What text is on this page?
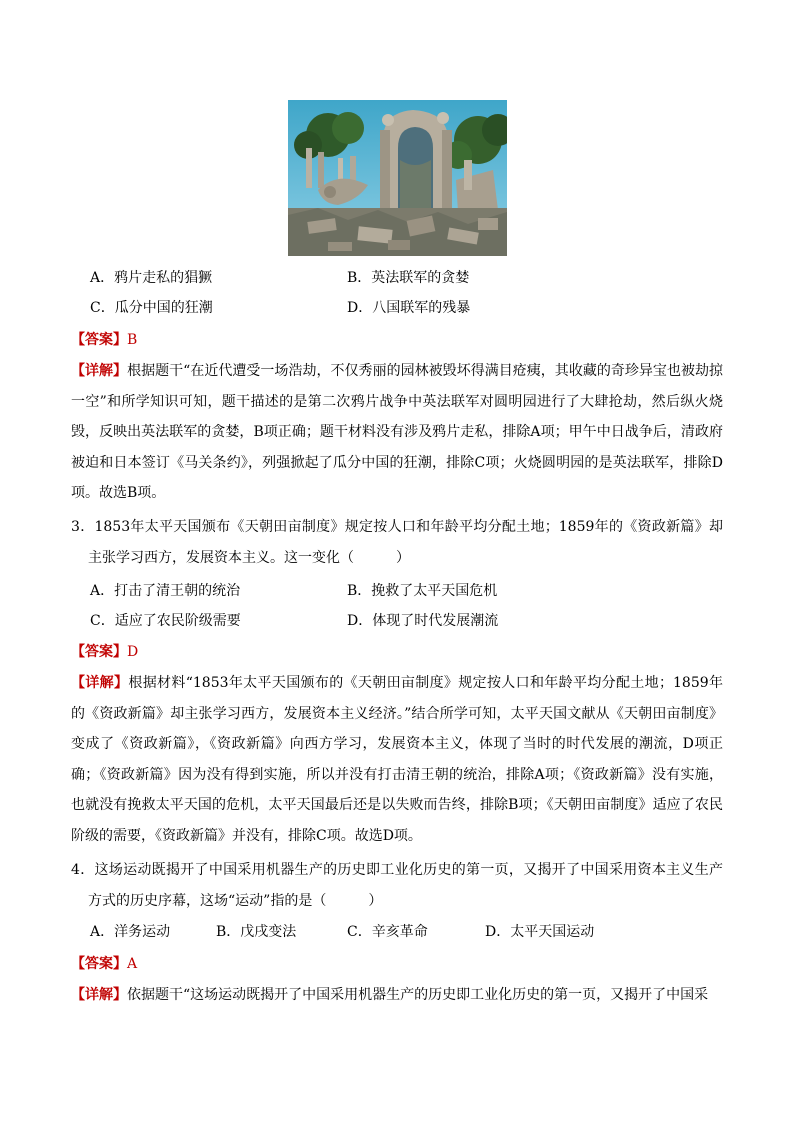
A．鸦片走私的猖獗	B．英法联军的贪婪
C．瓜分中国的狂潮	D．八国联军的残暴
【答案】B
【详解】根据题干“在近代遭受一场浩劫，不仅秀丽的园林被毁坏得满目疮痍，其收藏的奇珍异宝也被劫掠一空”和所学知识可知，题干描述的是第二次鸦片战争中英法联军对圆明园进行了大肆抢劫，然后纵火烧毁，反映出英法联军的贪婪，B项正确；题干材料没有涉及鸦片走私，排除A项；甲午中日战争后，清政府被迫和日本签订《马关条约》，列强掀起了瓜分中国的狂潮，排除C项；火烧圆明园的是英法联军，排除D项。故选B项。
3．1853年太平天国颁布《天朝田亩制度》规定按人口和年龄平均分配土地；1859年的《资政新篇》却主张学习西方，发展资本主义。这一变化（　　　）
A．打击了清王朝的统治	B．挽救了太平天国危机
C．适应了农民阶级需要	D．体现了时代发展潮流
【答案】D
【详解】根据材料“1853年太平天国颁布的《天朝田亩制度》规定按人口和年龄平均分配土地；1859年的《资政新篇》却主张学习西方，发展资本主义经济。”结合所学可知，太平天国文献从《天朝田亩制度》变成了《资政新篇》，《资政新篇》向西方学习，发展资本主义，体现了当时的时代发展的潮流，D项正确；《资政新篇》因为没有得到实施，所以并没有打击清王朝的统治，排除A项；《资政新篇》没有实施，也就没有挽救太平天国的危机，太平天国最后还是以失败而告终，排除B项；《天朝田亩制度》适应了农民阶级的需要，《资政新篇》并没有，排除C项。故选D项。
4．这场运动既揭开了中国采用机器生产的历史即工业化历史的第一页，又揭开了中国采用资本主义生产方式的历史序幕，这场“运动”指的是（　　　）
A．洋务运动	B．戊戌变法	C．辛亥革命	D．太平天国运动
【答案】A
【详解】依据题干“这场运动既揭开了中国采用机器生产的历史即工业化历史的第一页，又揭开了中国采
